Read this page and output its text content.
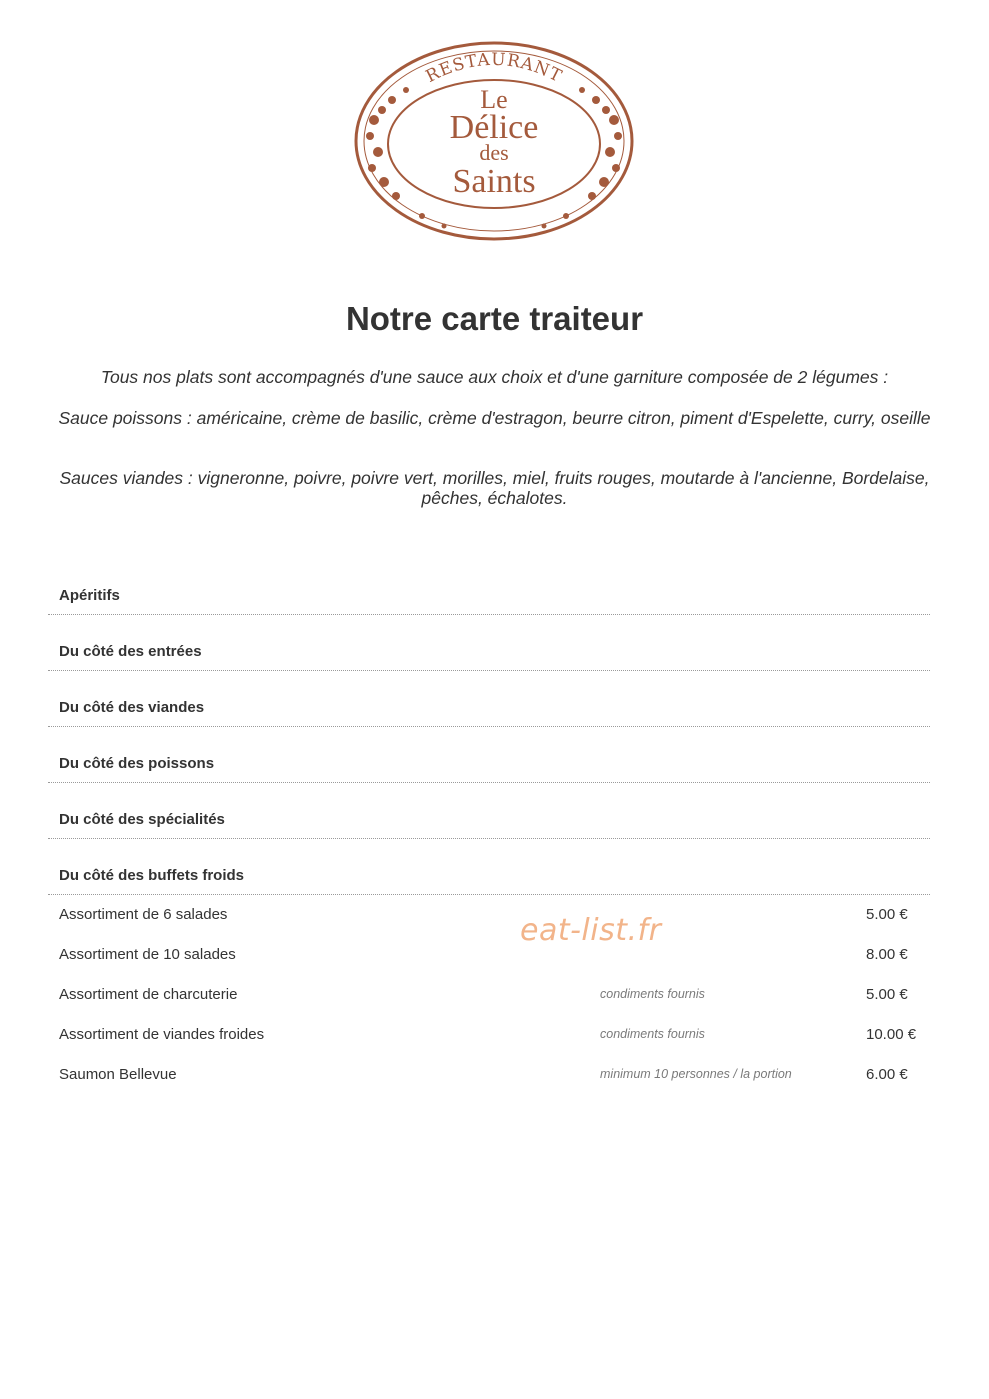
RESTAURANT
Le
Délice
des
Saints
Notre carte traiteur
Tous nos plats sont accompagnés d'une sauce aux choix et d'une garniture composée de 2 légumes :
Sauce poissons : américaine, crème de basilic, crème d'estragon, beurre citron, piment d'Espelette, curry, oseille
Sauces viandes : vigneronne, poivre, poivre vert, morilles, miel, fruits rouges, moutarde à l'ancienne, Bordelaise, pêches, échalotes.
Apéritifs
Du côté des entrées
Du côté des viandes
Du côté des poissons
Du côté des spécialités
Du côté des buffets froids
Assortiment de 6 salades	5.00 €
Assortiment de 10 salades	8.00 €
Assortiment de charcuterie	condiments fournis	5.00 €
Assortiment de viandes froides	condiments fournis	10.00 €
Saumon Bellevue	minimum 10 personnes / la portion	6.00 €
eat-list.fr
